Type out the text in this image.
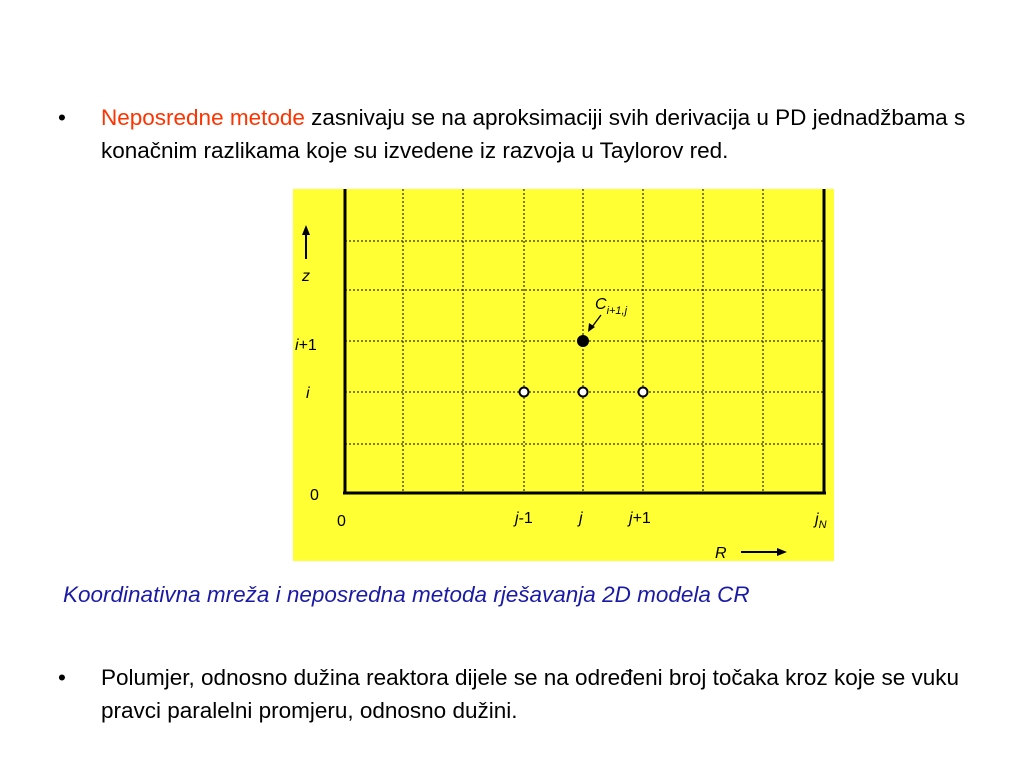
• Neposredne metode zasnivaju se na aproksimaciji svih derivacija u PD jednadžbama s konačnim razlikama koje su izvedene iz razvoja u Taylorov red.
z
i+1
i
0
0	j-1	j	j+1	$j_N$
R
$C_{i+1,j}$
Koordinativna mreža i neposredna metoda rješavanja 2D modela CR
• Polumjer, odnosno dužina reaktora dijele se na određeni broj točaka kroz koje se vuku pravci paralelni promjeru, odnosno dužini.
